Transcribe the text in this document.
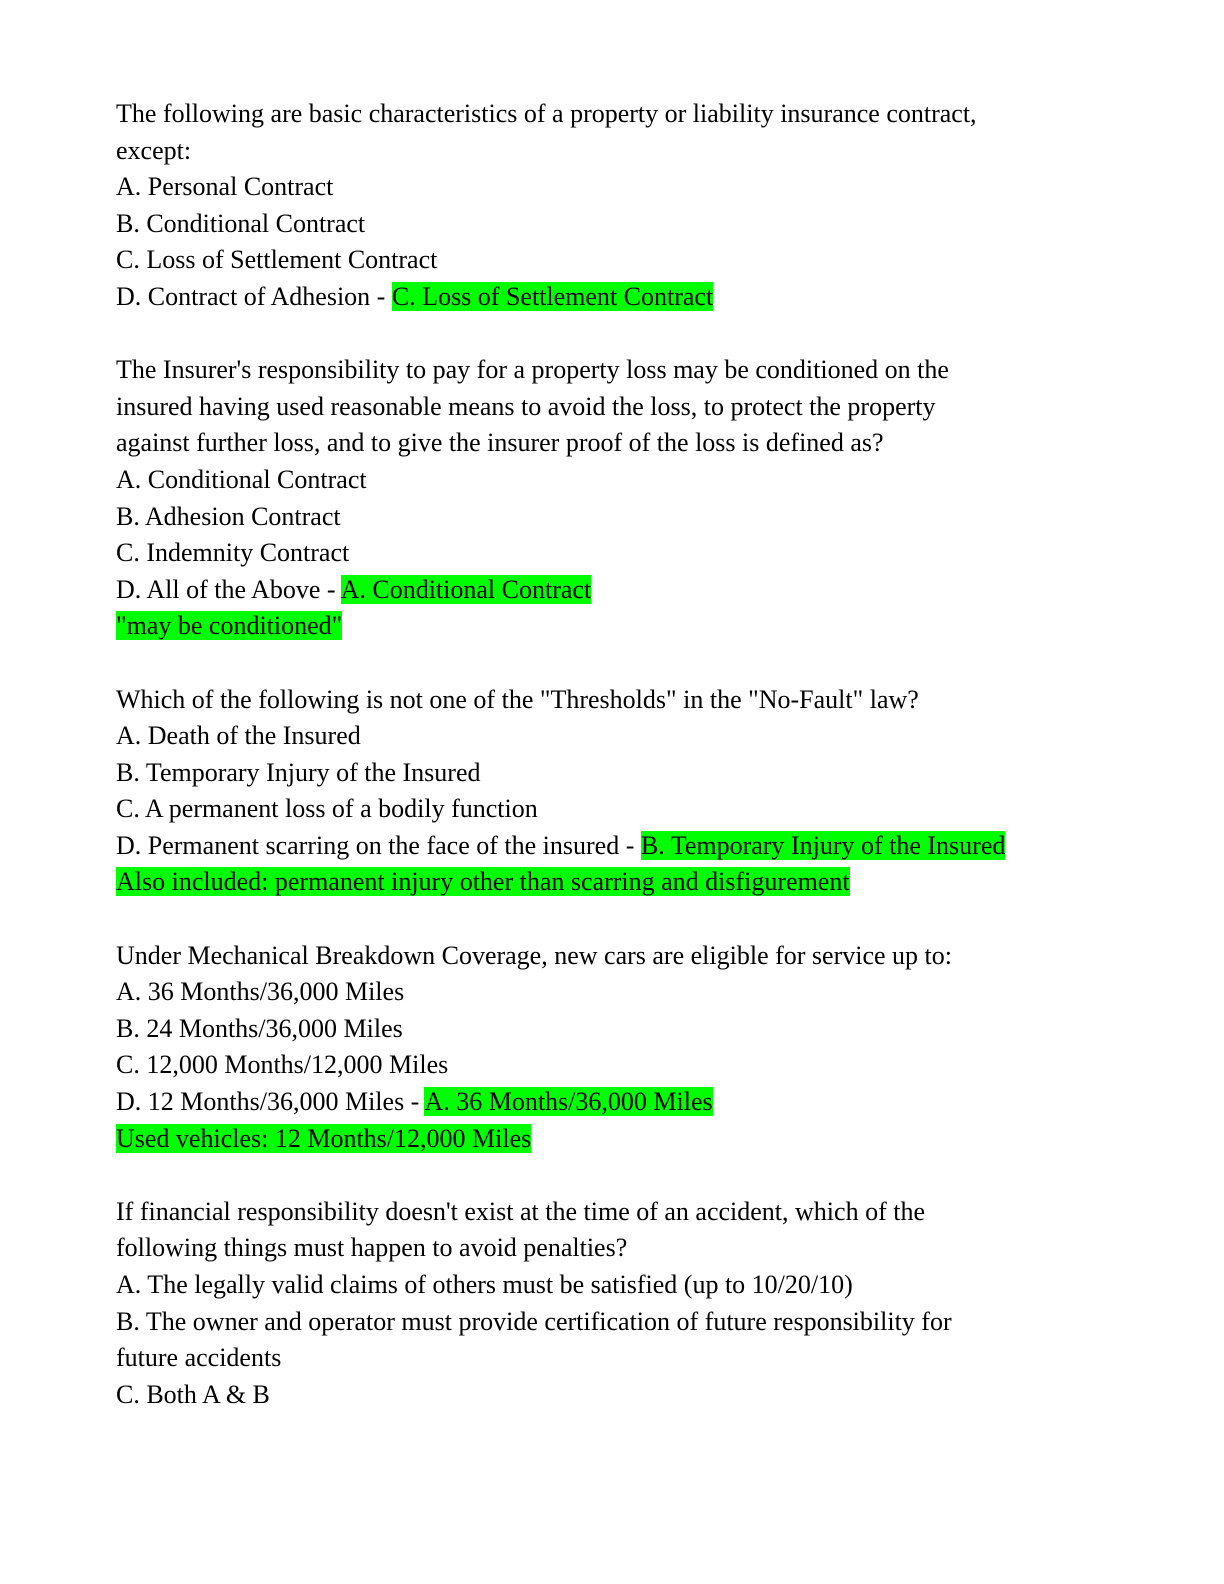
The following are basic characteristics of a property or liability insurance contract,
except:
A. Personal Contract
B. Conditional Contract
C. Loss of Settlement Contract
D. Contract of Adhesion - C. Loss of Settlement Contract
The Insurer's responsibility to pay for a property loss may be conditioned on the
insured having used reasonable means to avoid the loss, to protect the property
against further loss, and to give the insurer proof of the loss is defined as?
A. Conditional Contract
B. Adhesion Contract
C. Indemnity Contract
D. All of the Above - A. Conditional Contract
"may be conditioned"
Which of the following is not one of the "Thresholds" in the "No-Fault" law?
A. Death of the Insured
B. Temporary Injury of the Insured
C. A permanent loss of a bodily function
D. Permanent scarring on the face of the insured - B. Temporary Injury of the Insured
Also included: permanent injury other than scarring and disfigurement
Under Mechanical Breakdown Coverage, new cars are eligible for service up to:
A. 36 Months/36,000 Miles
B. 24 Months/36,000 Miles
C. 12,000 Months/12,000 Miles
D. 12 Months/36,000 Miles - A. 36 Months/36,000 Miles
Used vehicles: 12 Months/12,000 Miles
If financial responsibility doesn't exist at the time of an accident, which of the
following things must happen to avoid penalties?
A. The legally valid claims of others must be satisfied (up to 10/20/10)
B. The owner and operator must provide certification of future responsibility for
future accidents
C. Both A & B
